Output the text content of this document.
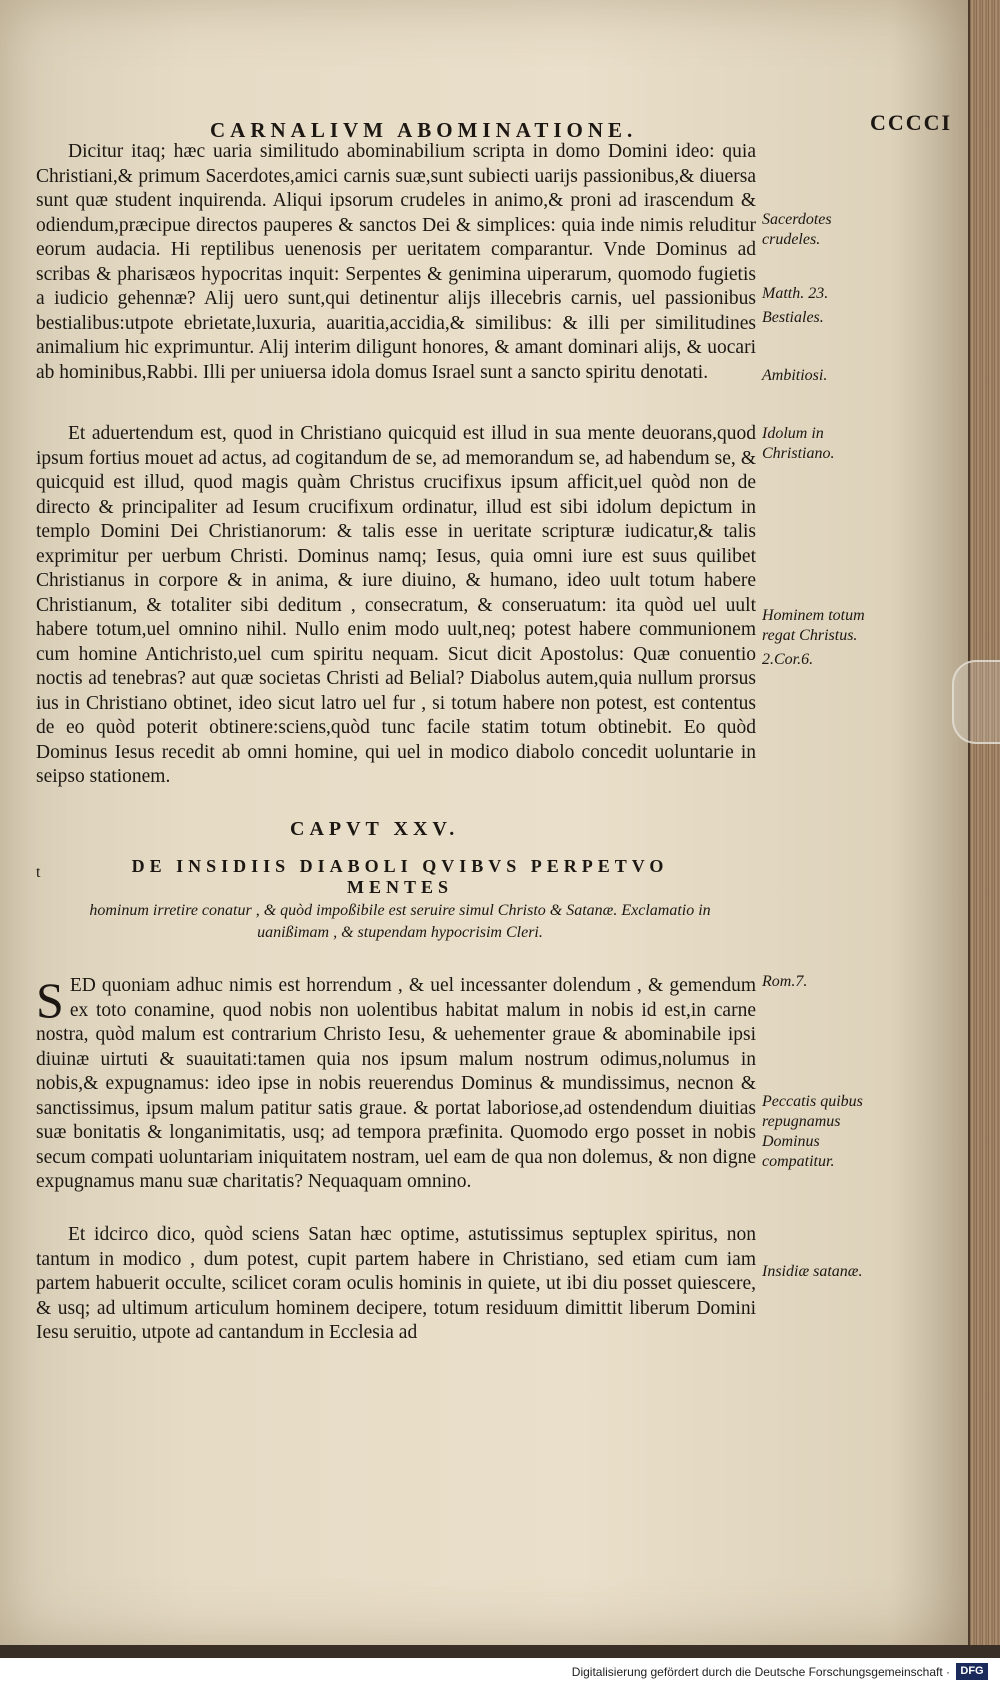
CARNALIVM ABOMINATIONE.	CCCCI

Dicitur itaq; hæc uaria similitudo abominabilium scripta in domo Domini ideo: quia Christiani,& primum Sacerdotes,amici carnis suæ,sunt subiecti uarijs passionibus,& diuersa sunt quæ student inquirenda. Aliqui ipsorum crudeles in animo,& proni ad irascendum & odiendum,præcipue directos pauperes & sanctos Dei & simplices: quia inde nimis reluditur eorum audacia. Hi reptilibus uenenosis per ueritatem comparantur. Vnde Dominus ad scribas & pharisæos hypocritas inquit: Serpentes & genimina uiperarum, quomodo fugietis a iudicio gehennæ? Alij uero sunt,qui detinentur alijs illecebris carnis, uel passionibus bestialibus:utpote ebrietate,luxuria, auaritia,accidia,& similibus: & illi per similitudines animalium hic exprimuntur. Alij interim diligunt honores, & amant dominari alijs, & uocari ab hominibus,Rabbi. Illi per uniuersa idola domus Israel sunt a sancto spiritu denotati.

Sacerdotes crudeles.
Matth. 23.
Bestiales.
Ambitiosi.

Et aduertendum est, quod in Christiano quicquid est illud in sua mente deuorans,quod ipsum fortius mouet ad actus, ad cogitandum de se, ad memorandum se, ad habendum se, & quicquid est illud, quod magis quàm Christus crucifixus ipsum afficit,uel quòd non de directo & principaliter ad Iesum crucifixum ordinatur, illud est sibi idolum depictum in templo Domini Dei Christianorum: & talis esse in ueritate scripturæ iudicatur,& talis exprimitur per uerbum Christi. Dominus namq; Iesus, quia omni iure est suus quilibet Christianus in corpore & in anima, & iure diuino, & humano, ideo uult totum habere Christianum, & totaliter sibi deditum , consecratum, & conseruatum: ita quòd uel uult habere totum,uel omnino nihil. Nullo enim modo uult,neq; potest habere communionem cum homine Antichristo,uel cum spiritu nequam. Sicut dicit Apostolus: Quæ conuentio noctis ad tenebras? aut quæ societas Christi ad Belial? Diabolus autem,quia nullum prorsus ius in Christiano obtinet, ideo sicut latro uel fur , si totum habere non potest, est contentus de eo quòd poterit obtinere:sciens,quòd tunc facile statim totum obtinebit. Eo quòd Dominus Iesus recedit ab omni homine, qui uel in modico diabolo concedit uoluntarie in seipso stationem.

Idolum in Christiano.
Hominem totum regat Christus.
2.Cor.6.
CAPVT XXV.
t	DE INSIDIIS DIABOLI QVIBVS PERPETVO MENTES
hominum irretire conatur , & quòd impoßibile est seruire simul Christo & Satanæ. Exclamatio in uanißimam , & stupendam hypocrisim Cleri.

SED quoniam adhuc nimis est horrendum , & uel incessanter dolendum , & gemendum ex toto conamine, quod nobis non uolentibus habitat malum in nobis id est,in carne nostra, quòd malum est contrarium Christo Iesu, & uehementer graue & abominabile ipsi diuinæ uirtuti & suauitati:tamen quia nos ipsum malum nostrum odimus,nolumus in nobis,& expugnamus: ideo ipse in nobis reuerendus Dominus & mundissimus, necnon & sanctissimus, ipsum malum patitur satis graue. & portat laboriose,ad ostendendum diuitias suæ bonitatis & longanimitatis, usq; ad tempora præfinita. Quomodo ergo posset in nobis secum compati uoluntariam iniquitatem nostram, uel eam de qua non dolemus, & non digne expugnamus manu suæ charitatis? Nequaquam omnino.

Rom.7.
Peccatis quibus repugnamus Dominus compatitur.

Et idcirco dico, quòd sciens Satan hæc optime, astutissimus septuplex spiritus, non tantum in modico , dum potest, cupit partem habere in Christiano, sed etiam cum iam partem habuerit occulte, scilicet coram oculis hominis in quiete, ut ibi diu posset quiescere, & usq; ad ultimum articulum hominem decipere, totum residuum dimittit liberum Domini Iesu seruitio, utpote ad cantandum in Ecclesia ad

Insidiæ satanæ.
Digitalisierung gefördert durch die Deutsche Forschungsgemeinschaft · DFG
